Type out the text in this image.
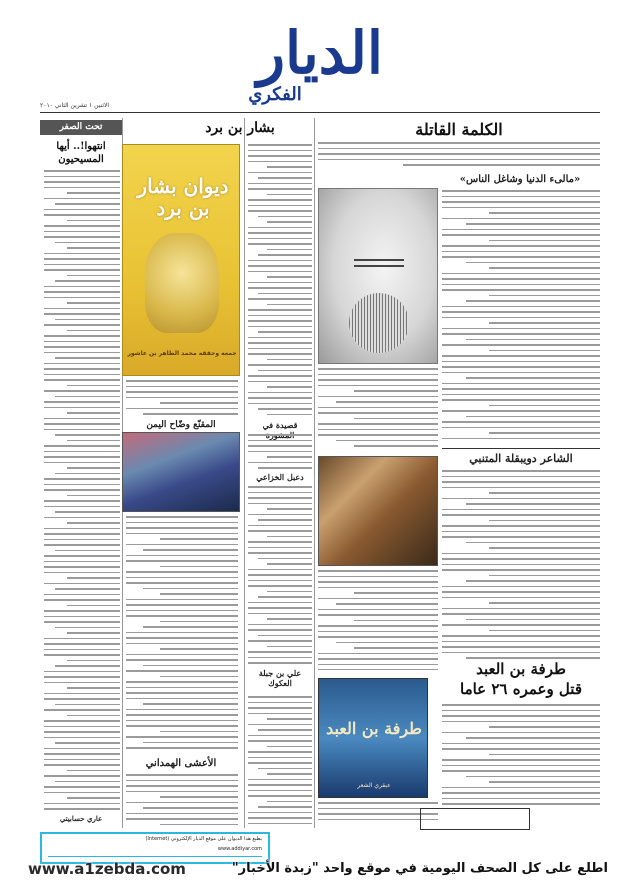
الديار
الفكري
الاثنين ١ تشرين الثاني ٢٠١٠
الكلمة القاتلة
«مالىء الدنيا وشاغل الناس»
الشاعر دويبقلة المتنبي
طرفة بن العبد
قتل وعمره ٢٦ عاما
طرفة بن العبد
عبقري الشعر
بشار بن برد
ديوان بشار بن برد
جمعه وحققه محمد الطاهر بن عاشور
قصيدة في
دعبل الخزاعي
علي بن جبلة العكوك
المقنّع وضّاح اليمن
الأعشى الهمداني
تحت الصفر
انتهوا!.. أيها المسيحيون
عاري حسابيتي
يطبع هذا الديوان على موقع الديار الإلكتروني (Internet)
www.addiyar.com
www.a1zebda.com	اطلع على كل الصحف اليومية في موقع واحد "زبدة الأخبار"
